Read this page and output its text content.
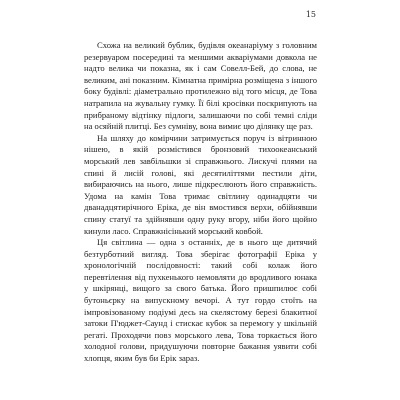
15

Схожа на великий бублик, будівля океанаріуму з головним резервуаром посередині та меншими акваріумами довкола не надто велика чи показна, як і сам Совелл-Бей, до слова, не великим, ані показним. Кімнатна примірна розміщена з іншого боку будівлі: діаметрально протилежно від того місця, де Това натрапила на жувальну гумку. Її білі кросівки поскрипують на прибраному відтінку підлоги, залишаючи по собі темні сліди на осяйній плитці. Без сумніву, вона вимиє цю ділянку ще раз.

На шляху до комірчини затримується поруч із вітринною нішею, в якій розмістився бронзовий тихоокеанський морський лев завбільшки зі справжнього. Лискучі плями на спині й лисій голові, які десятиліттями пестили діти, вибираючись на нього, лише підкреслюють його справжність. Удома на камін Това тримає світлину одинадцяти чи дванадцятирічного Еріка, де він вмостився верхи, обійнявши спину статуї та здійнявши одну руку вгору, ніби його щойно кинули ласо. Справжнісінький морський ковбой.

Ця світлина — одна з останніх, де в нього ще дитячий безтурботний вигляд. Това зберігає фотографії Еріка у хронологічній послідовності: такий собі колаж його перевтілення від пухкенького немовляти до вродливого юнака у шкірянці, вищого за свого батька. Його пришпилює собі бутоньєрку на випускному вечорі. А тут гордо стоїть на імпровізованому подіумі десь на скелястому березі блакитної затоки П'юджет-Саунд і стискає кубок за перемогу у шкільній регаті. Проходячи повз морського лева, Това торкається його холодної голови, придушуючи повторне бажання уявити собі хлопця, яким був би Ерік зараз.
